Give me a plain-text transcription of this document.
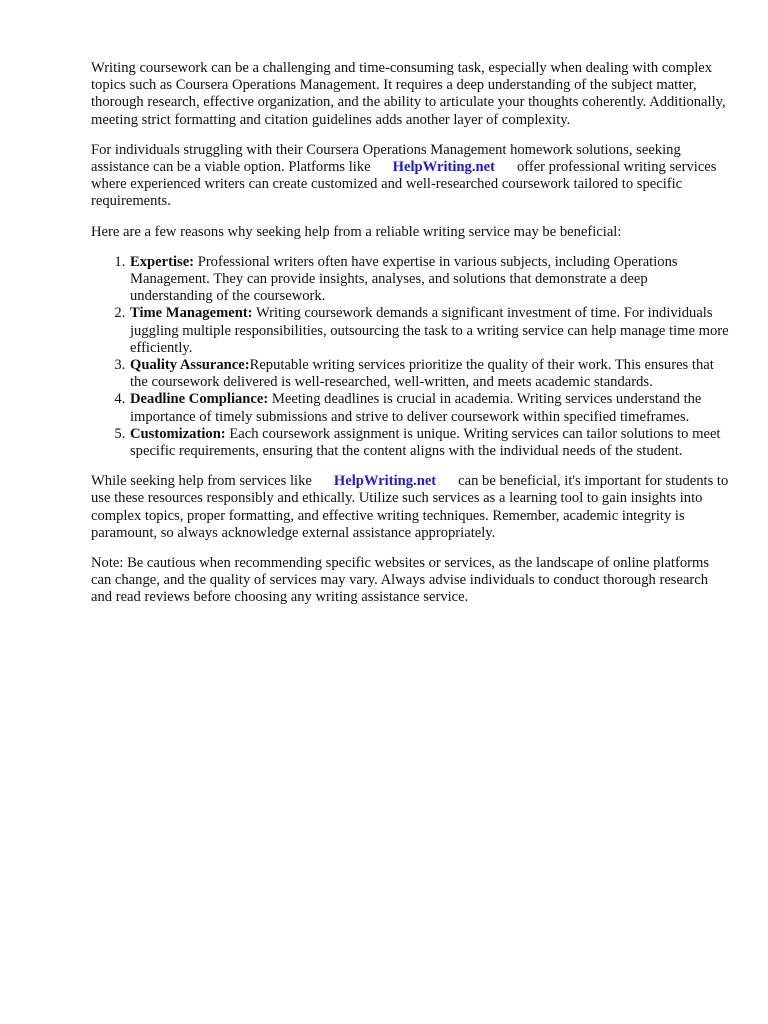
Writing coursework can be a challenging and time-consuming task, especially when dealing with complex topics such as Coursera Operations Management. It requires a deep understanding of the subject matter, thorough research, effective organization, and the ability to articulate your thoughts coherently. Additionally, meeting strict formatting and citation guidelines adds another layer of complexity.

For individuals struggling with their Coursera Operations Management homework solutions, seeking assistance can be a viable option. Platforms like HelpWriting.net offer professional writing services where experienced writers can create customized and well-researched coursework tailored to specific requirements.

Here are a few reasons why seeking help from a reliable writing service may be beneficial:

1. Expertise: Professional writers often have expertise in various subjects, including Operations Management. They can provide insights, analyses, and solutions that demonstrate a deep understanding of the coursework.
2. Time Management: Writing coursework demands a significant investment of time. For individuals juggling multiple responsibilities, outsourcing the task to a writing service can help manage time more efficiently.
3. Quality Assurance:Reputable writing services prioritize the quality of their work. This ensures that the coursework delivered is well-researched, well-written, and meets academic standards.
4. Deadline Compliance: Meeting deadlines is crucial in academia. Writing services understand the importance of timely submissions and strive to deliver coursework within specified timeframes.
5. Customization: Each coursework assignment is unique. Writing services can tailor solutions to meet specific requirements, ensuring that the content aligns with the individual needs of the student.

While seeking help from services like HelpWriting.net can be beneficial, it's important for students to use these resources responsibly and ethically. Utilize such services as a learning tool to gain insights into complex topics, proper formatting, and effective writing techniques. Remember, academic integrity is paramount, so always acknowledge external assistance appropriately.

Note: Be cautious when recommending specific websites or services, as the landscape of online platforms can change, and the quality of services may vary. Always advise individuals to conduct thorough research and read reviews before choosing any writing assistance service.
